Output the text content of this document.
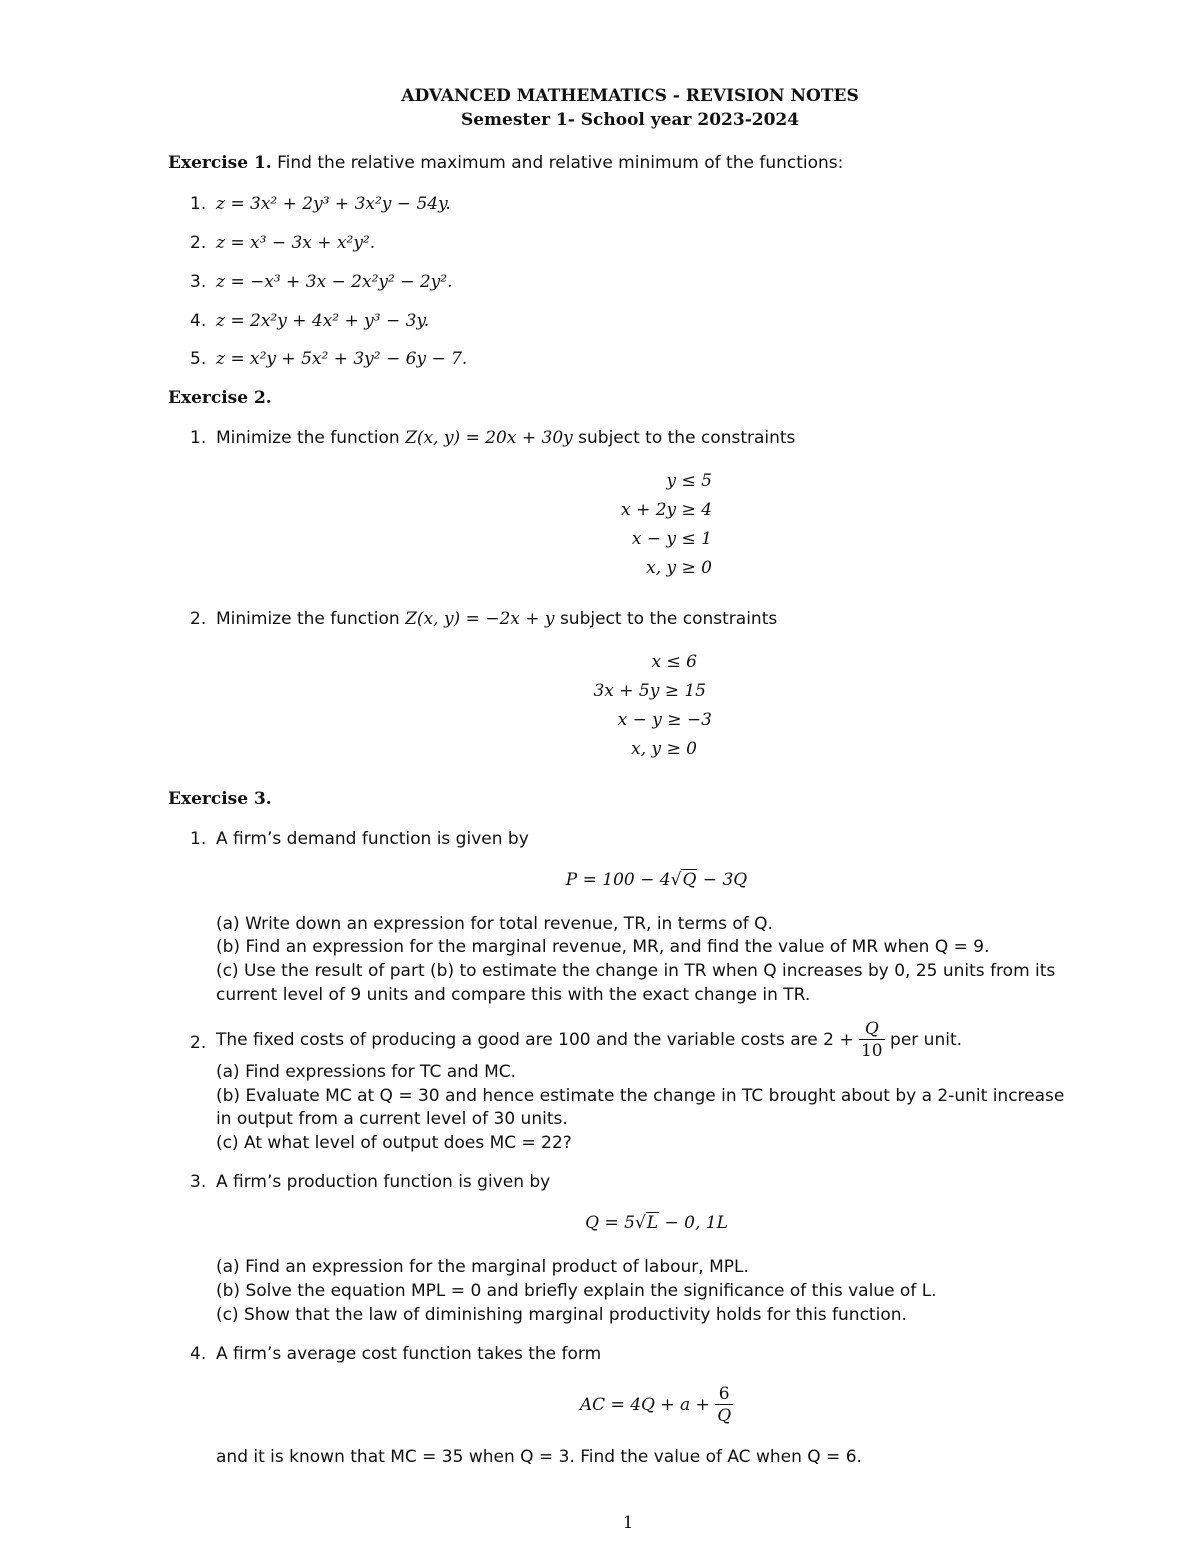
ADVANCED MATHEMATICS - REVISION NOTES
Semester 1- School year 2023-2024
Exercise 1. Find the relative maximum and relative minimum of the functions:
1. z = 3x² + 2y³ + 3x²y − 54y.
2. z = x³ − 3x + x²y².
3. z = −x³ + 3x − 2x²y² − 2y².
4. z = 2x²y + 4x² + y³ − 3y.
5. z = x²y + 5x² + 3y² − 6y − 7.
Exercise 2.
1. Minimize the function Z(x, y) = 20x + 30y subject to the constraints
y ≤ 5
x + 2y ≥ 4
x − y ≤ 1
x, y ≥ 0
2. Minimize the function Z(x, y) = −2x + y subject to the constraints
x ≤ 6
3x + 5y ≥ 15
x − y ≥ −3
x, y ≥ 0
Exercise 3.
1. A firm’s demand function is given by
P = 100 − 4√Q − 3Q
(a) Write down an expression for total revenue, TR, in terms of Q.
(b) Find an expression for the marginal revenue, MR, and find the value of MR when Q = 9.
(c) Use the result of part (b) to estimate the change in TR when Q increases by 0, 25 units from its
current level of 9 units and compare this with the exact change in TR.
2. The fixed costs of producing a good are 100 and the variable costs are $2 + \frac{Q}{10}$ per unit.
(a) Find expressions for TC and MC.
(b) Evaluate MC at Q = 30 and hence estimate the change in TC brought about by a 2-unit increase
in output from a current level of 30 units.
(c) At what level of output does MC = 22?
3. A firm’s production function is given by
Q = 5√L − 0, 1L
(a) Find an expression for the marginal product of labour, MPL.
(b) Solve the equation MPL = 0 and briefly explain the significance of this value of L.
(c) Show that the law of diminishing marginal productivity holds for this function.
4. A firm’s average cost function takes the form
AC = $4Q + a + \frac{6}{Q}$
and it is known that MC = 35 when Q = 3. Find the value of AC when Q = 6.
1
